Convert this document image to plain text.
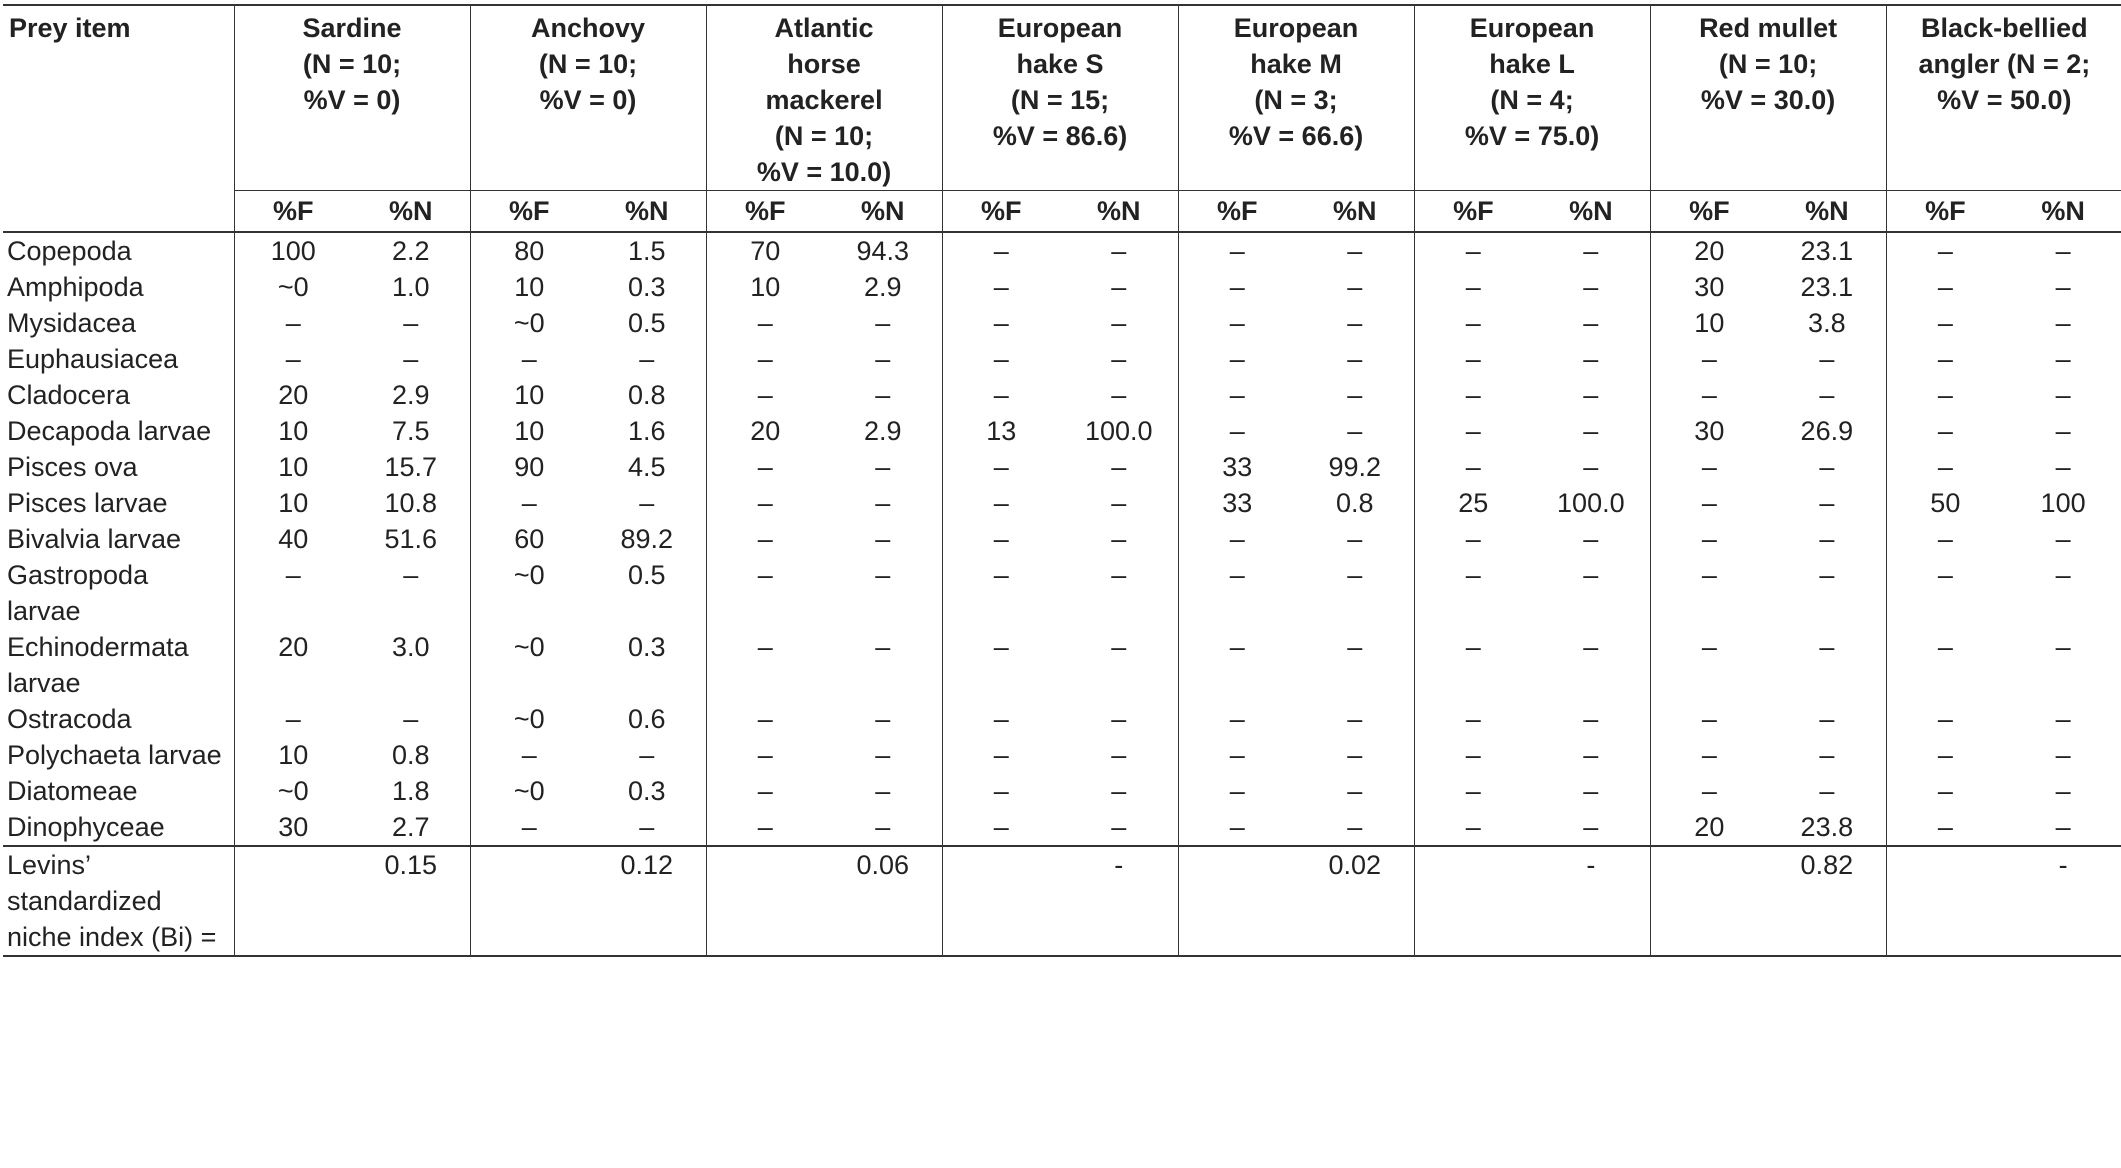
Prey item	Sardine
(N = 10;
%V = 0)		Anchovy
(N = 10;
%V = 0)		Atlantic
horse
mackerel
(N = 10;
%V = 10.0)		European
hake S
(N = 15;
%V = 86.6)		European
hake M
(N = 3;
%V = 66.6)		European
hake L
(N = 4;
%V = 75.0)		Red mullet
(N = 10;
%V = 30.0)		Black-bellied
angler (N = 2;
%V = 50.0)	

	%F	%N	%F	%N	%F	%N	%F	%N	%F	%N	%F	%N	%F	%N	%F	%N
Copepoda	100	2.2	80	1.5	70	94.3	–	–	–	–	–	–	20	23.1	–	–
Amphipoda	~0	1.0	10	0.3	10	2.9	–	–	–	–	–	–	30	23.1	–	–
Mysidacea	–	–	~0	0.5	–	–	–	–	–	–	–	–	10	3.8	–	–
Euphausiacea	–	–	–	–	–	–	–	–	–	–	–	–	–	–	–	–
Cladocera	20	2.9	10	0.8	–	–	–	–	–	–	–	–	–	–	–	–
Decapoda larvae	10	7.5	10	1.6	20	2.9	13	100.0	–	–	–	–	30	26.9	–	–
Pisces ova	10	15.7	90	4.5	–	–	–	–	33	99.2	–	–	–	–	–	–
Pisces larvae	10	10.8	–	–	–	–	–	–	33	0.8	25	100.0	–	–	50	100
Bivalvia larvae	40	51.6	60	89.2	–	–	–	–	–	–	–	–	–	–	–	–
Gastropoda larvae	–	–	~0	0.5	–	–	–	–	–	–	–	–	–	–	–	–
Echinodermata larvae	20	3.0	~0	0.3	–	–	–	–	–	–	–	–	–	–	–	–
Ostracoda	–	–	~0	0.6	–	–	–	–	–	–	–	–	–	–	–	–
Polychaeta larvae	10	0.8	–	–	–	–	–	–	–	–	–	–	–	–	–	–
Diatomeae	~0	1.8	~0	0.3	–	–	–	–	–	–	–	–	–	–	–	–
Dinophyceae	30	2.7	–	–	–	–	–	–	–	–	–	–	20	23.8	–	–
Levins’ standardized niche index (Bi) =		0.15		0.12		0.06		-		0.02		-		0.82		-
